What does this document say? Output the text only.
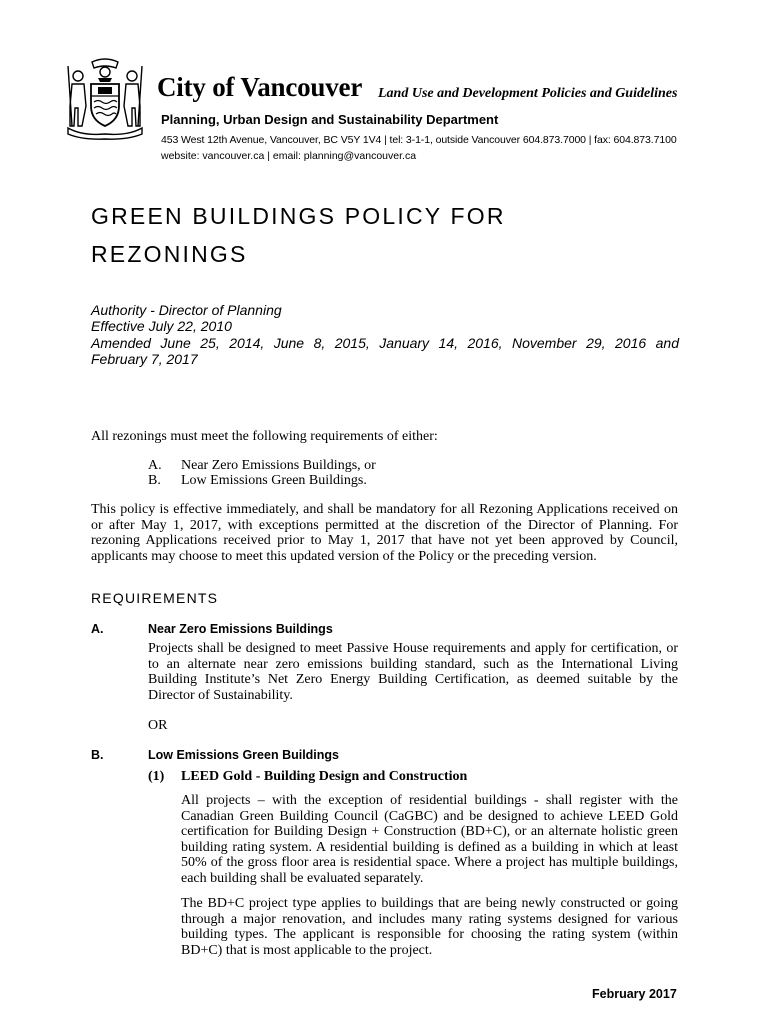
City of Vancouver Land Use and Development Policies and Guidelines
Planning, Urban Design and Sustainability Department
453 West 12th Avenue, Vancouver, BC V5Y 1V4 | tel: 3-1-1, outside Vancouver 604.873.7000 | fax: 604.873.7100
website: vancouver.ca | email: planning@vancouver.ca
GREEN BUILDINGS POLICY FOR
REZONINGS
Authority - Director of Planning
Effective July 22, 2010
Amended June 25, 2014, June 8, 2015, January 14, 2016, November 29, 2016 and
February 7, 2017
All rezonings must meet the following requirements of either:
A. Near Zero Emissions Buildings, or
B. Low Emissions Green Buildings.
This policy is effective immediately, and shall be mandatory for all Rezoning Applications received on or after May 1, 2017, with exceptions permitted at the discretion of the Director of Planning. For rezoning Applications received prior to May 1, 2017 that have not yet been approved by Council, applicants may choose to meet this updated version of the Policy or the preceding version.
REQUIREMENTS
A.	Near Zero Emissions Buildings
Projects shall be designed to meet Passive House requirements and apply for certification, or to an alternate near zero emissions building standard, such as the International Living Building Institute’s Net Zero Energy Building Certification, as deemed suitable by the Director of Sustainability.
OR
B.	Low Emissions Green Buildings
(1) LEED Gold - Building Design and Construction
All projects – with the exception of residential buildings - shall register with the Canadian Green Building Council (CaGBC) and be designed to achieve LEED Gold certification for Building Design + Construction (BD+C), or an alternate holistic green building rating system. A residential building is defined as a building in which at least 50% of the gross floor area is residential space. Where a project has multiple buildings, each building shall be evaluated separately.
The BD+C project type applies to buildings that are being newly constructed or going through a major renovation, and includes many rating systems designed for various building types. The applicant is responsible for choosing the rating system (within BD+C) that is most applicable to the project.
February 2017
